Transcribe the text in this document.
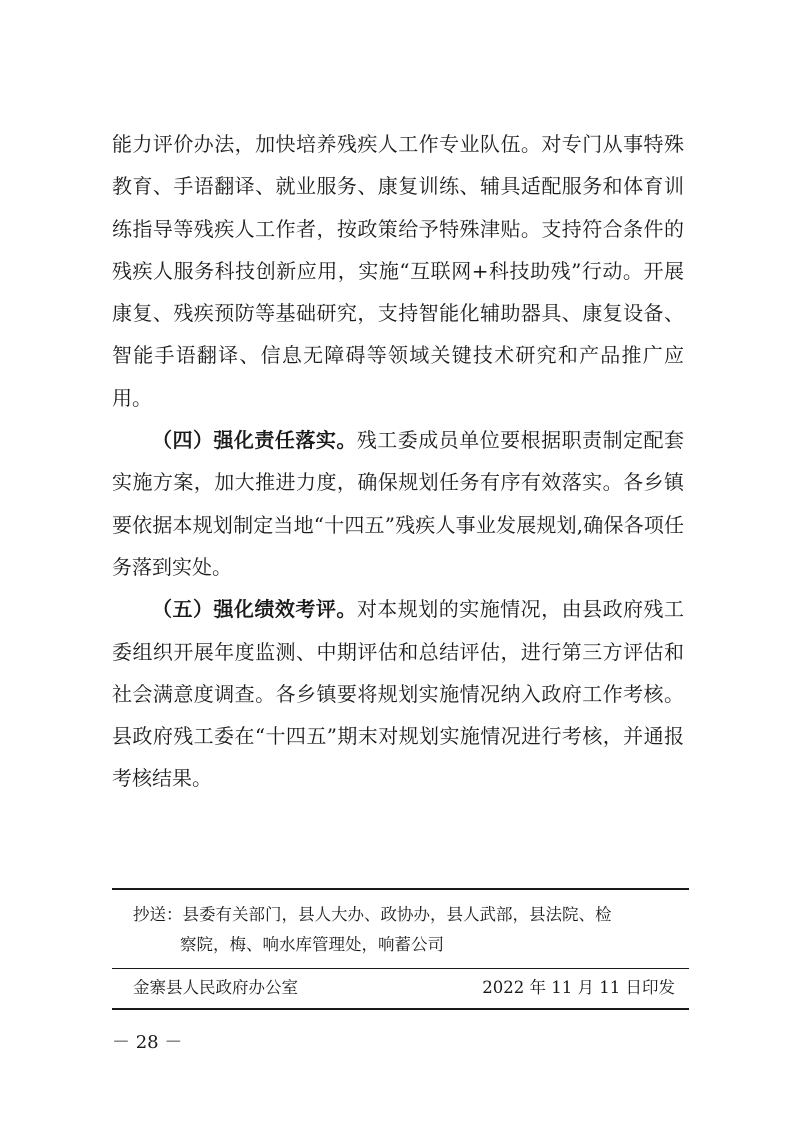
能力评价办法，加快培养残疾人工作专业队伍。对专门从事特殊教育、手语翻译、就业服务、康复训练、辅具适配服务和体育训练指导等残疾人工作者，按政策给予特殊津贴。支持符合条件的残疾人服务科技创新应用，实施“互联网+科技助残”行动。开展康复、残疾预防等基础研究，支持智能化辅助器具、康复设备、智能手语翻译、信息无障碍等领域关键技术研究和产品推广应用。

（四）强化责任落实。残工委成员单位要根据职责制定配套实施方案，加大推进力度，确保规划任务有序有效落实。各乡镇要依据本规划制定当地“十四五”残疾人事业发展规划,确保各项任务落到实处。

（五）强化绩效考评。对本规划的实施情况，由县政府残工委组织开展年度监测、中期评估和总结评估，进行第三方评估和社会满意度调查。各乡镇要将规划实施情况纳入政府工作考核。县政府残工委在“十四五”期末对规划实施情况进行考核，并通报考核结果。

抄送： 县委有关部门，县人大办、政协办，县人武部，县法院、检
察院，梅、响水库管理处，响蓄公司
金寨县人民政府办公室	2022 年 11 月 11 日印发
－ 28 －
